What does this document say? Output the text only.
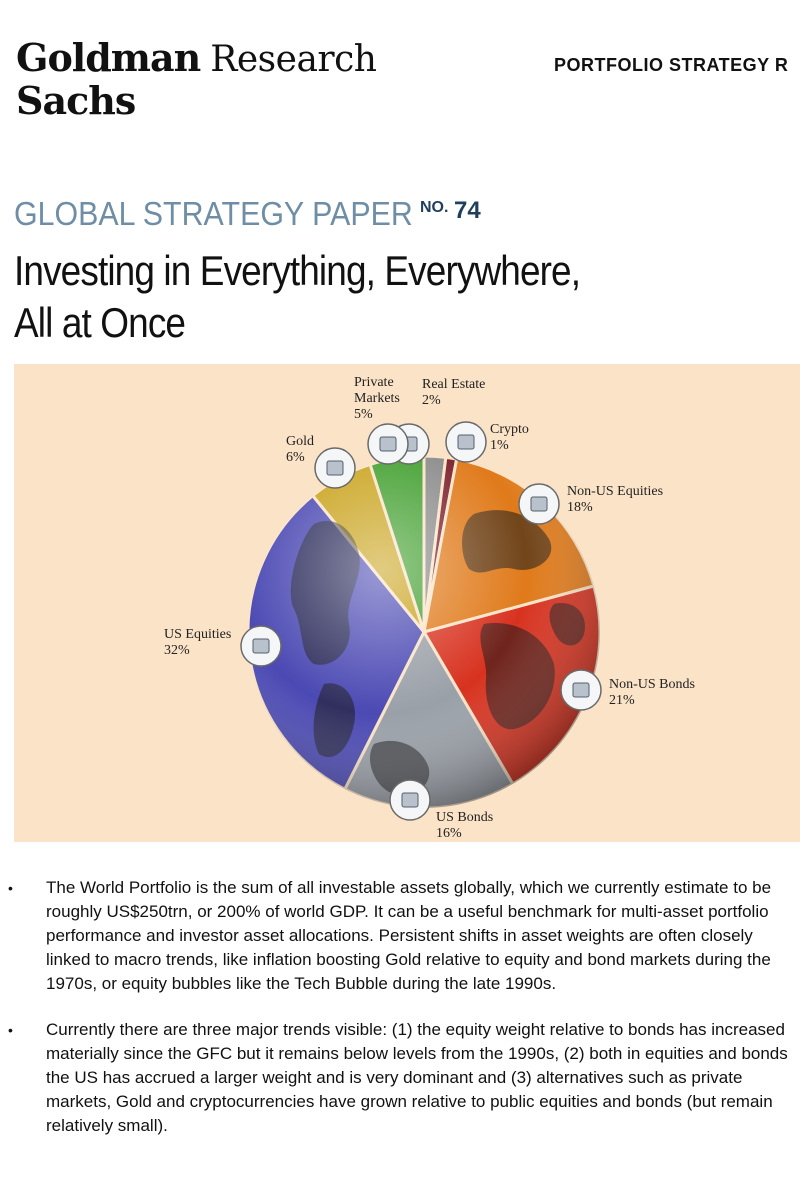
Goldman Research
Sachs
PORTFOLIO STRATEGY R
GLOBAL STRATEGY PAPER NO. 74
Investing in Everything, Everywhere,
All at Once
Real Estate 2%
Crypto 1%
Non-US Equities 18%
Non-US Bonds 21%
US Bonds 16%
US Equities 32%
Gold 6%
Private Markets 5%
• The World Portfolio is the sum of all investable assets globally, which we currently estimate to be roughly US$250trn, or 200% of world GDP. It can be a useful benchmark for multi-asset portfolio performance and investor asset allocations. Persistent shifts in asset weights are often closely linked to macro trends, like inflation boosting Gold relative to equity and bond markets during the 1970s, or equity bubbles like the Tech Bubble during the late 1990s.
• Currently there are three major trends visible: (1) the equity weight relative to bonds has increased materially since the GFC but it remains below levels from the 1990s, (2) both in equities and bonds the US has accrued a larger weight and is very dominant and (3) alternatives such as private markets, Gold and cryptocurrencies have grown relative to public equities and bonds (but remain relatively small).
